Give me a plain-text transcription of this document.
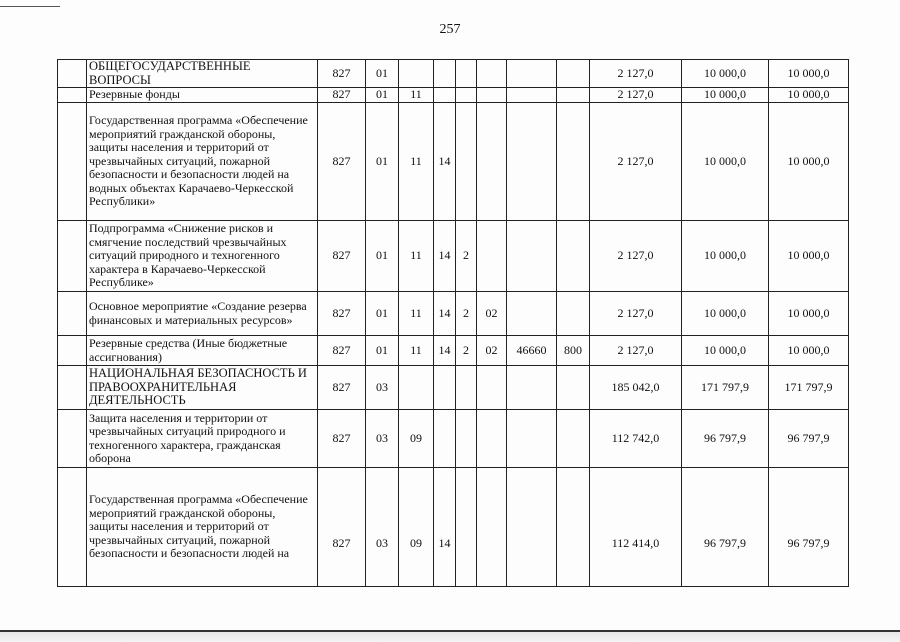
257
	ОБЩЕГОСУДАРСТВЕННЫЕ ВОПРОСЫ	827	01							2 127,0	10 000,0	10 000,0
	Резервные фонды	827	01	11						2 127,0	10 000,0	10 000,0
	Государственная программа «Обеспечение мероприятий гражданской обороны, защиты населения и территорий от чрезвычайных ситуаций, пожарной безопасности и безопасности людей на водных объектах Карачаево-Черкесской Республики»	827	01	11	14					2 127,0	10 000,0	10 000,0
	Подпрограмма «Снижение рисков и смягчение последствий чрезвычайных ситуаций природного и техногенного характера в Карачаево-Черкесской Республике»	827	01	11	14	2				2 127,0	10 000,0	10 000,0
	Основное мероприятие «Создание резерва финансовых и материальных ресурсов»	827	01	11	14	2	02			2 127,0	10 000,0	10 000,0
	Резервные средства (Иные бюджетные ассигнования)	827	01	11	14	2	02	46660	800	2 127,0	10 000,0	10 000,0
	НАЦИОНАЛЬНАЯ БЕЗОПАСНОСТЬ И ПРАВООХРАНИТЕЛЬНАЯ ДЕЯТЕЛЬНОСТЬ	827	03							185 042,0	171 797,9	171 797,9
	Защита населения и территории от чрезвычайных ситуаций природного и техногенного характера, гражданская оборона	827	03	09						112 742,0	96 797,9	96 797,9
	Государственная программа «Обеспечение мероприятий гражданской обороны, защиты населения и территорий от чрезвычайных ситуаций, пожарной безопасности и безопасности людей на	827	03	09	14					112 414,0	96 797,9	96 797,9
